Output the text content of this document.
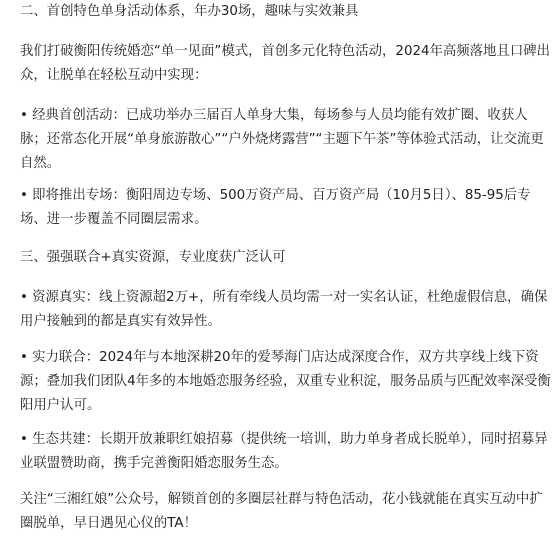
二、首创特色单身活动体系，年办30场，趣味与实效兼具

我们打破衡阳传统婚恋“单一见面”模式，首创多元化特色活动，2024年高频落地且口碑出众，让脱单在轻松互动中实现：

• 经典首创活动：已成功举办三届百人单身大集，每场参与人员均能有效扩圈、收获人脉；还常态化开展“单身旅游散心”“户外烧烤露营”“主题下午茶”等体验式活动，让交流更自然。

• 即将推出专场：衡阳周边专场、500万资产局、百万资产局（10月5日）、85-95后专场、进一步覆盖不同圈层需求。

三、强强联合+真实资源，专业度获广泛认可

• 资源真实：线上资源超2万+，所有牵线人员均需一对一实名认证，杜绝虚假信息，确保用户接触到的都是真实有效异性。

• 实力联合：2024年与本地深耕20年的爱琴海门店达成深度合作，双方共享线上线下资源；叠加我们团队4年多的本地婚恋服务经验，双重专业积淀，服务品质与匹配效率深受衡阳用户认可。

• 生态共建：长期开放兼职红娘招募（提供统一培训，助力单身者成长脱单），同时招募异业联盟赞助商，携手完善衡阳婚恋服务生态。

关注“三湘红娘”公众号，解锁首创的多圈层社群与特色活动，花小钱就能在真实互动中扩圈脱单，早日遇见心仪的TA！
